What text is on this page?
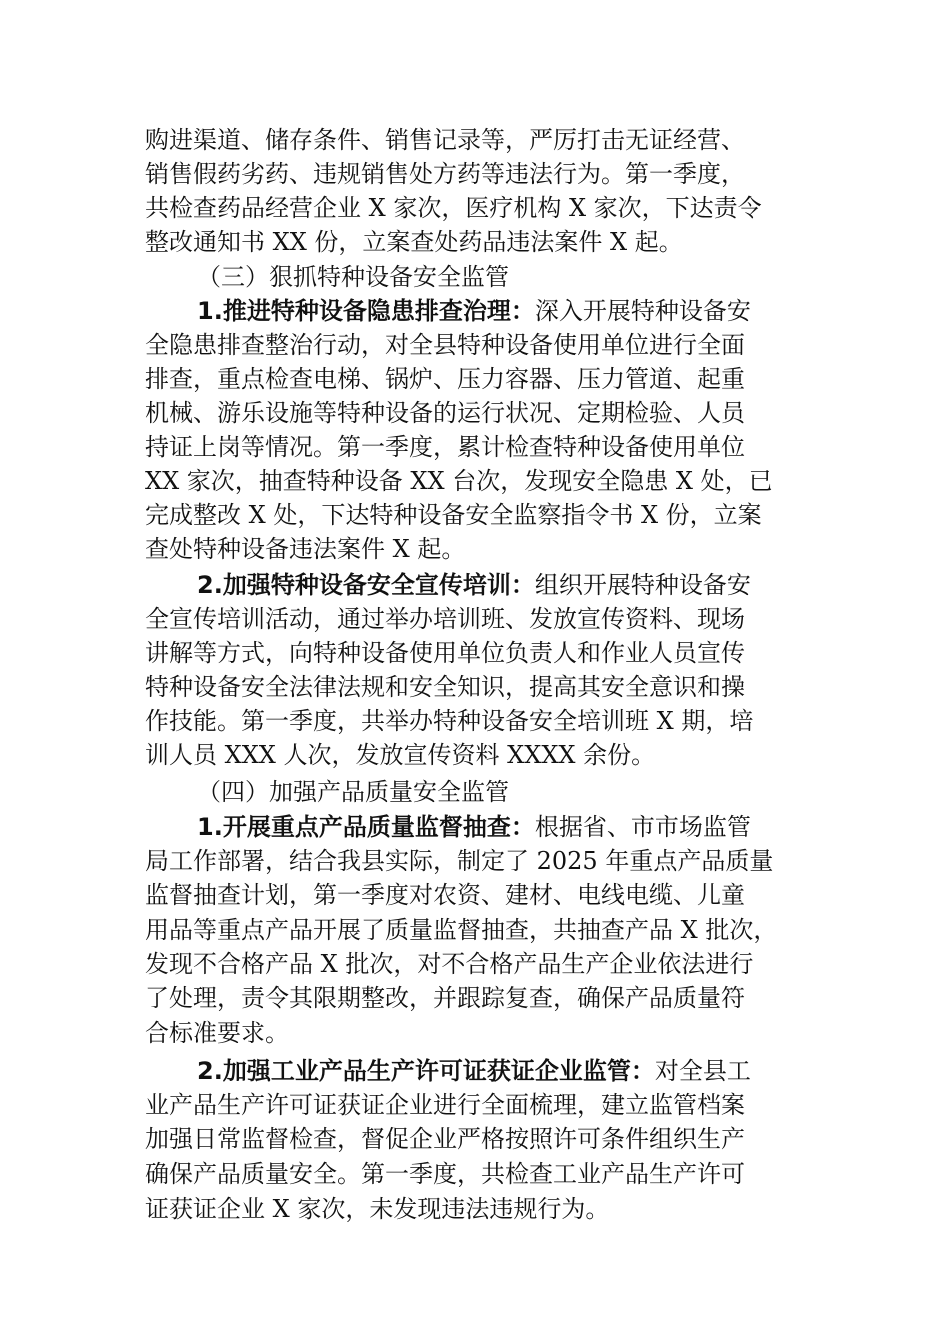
购进渠道、储存条件、销售记录等，严厉打击无证经营、
销售假药劣药、违规销售处方药等违法行为。第一季度，
共检查药品经营企业 X 家次，医疗机构 X 家次，下达责令
整改通知书 XX 份，立案查处药品违法案件 X 起。
（三）狠抓特种设备安全监管
1.推进特种设备隐患排查治理：深入开展特种设备安
全隐患排查整治行动，对全县特种设备使用单位进行全面
排查，重点检查电梯、锅炉、压力容器、压力管道、起重
机械、游乐设施等特种设备的运行状况、定期检验、人员
持证上岗等情况。第一季度，累计检查特种设备使用单位
XX 家次，抽查特种设备 XX 台次，发现安全隐患 X 处，已
完成整改 X 处，下达特种设备安全监察指令书 X 份，立案
查处特种设备违法案件 X 起。
2.加强特种设备安全宣传培训：组织开展特种设备安
全宣传培训活动，通过举办培训班、发放宣传资料、现场
讲解等方式，向特种设备使用单位负责人和作业人员宣传
特种设备安全法律法规和安全知识，提高其安全意识和操
作技能。第一季度，共举办特种设备安全培训班 X 期，培
训人员 XXX 人次，发放宣传资料 XXXX 余份。
（四）加强产品质量安全监管
1.开展重点产品质量监督抽查：根据省、市市场监管
局工作部署，结合我县实际，制定了 2025 年重点产品质量
监督抽查计划，第一季度对农资、建材、电线电缆、儿童
用品等重点产品开展了质量监督抽查，共抽查产品 X 批次，
发现不合格产品 X 批次，对不合格产品生产企业依法进行
了处理，责令其限期整改，并跟踪复查，确保产品质量符
合标准要求。
2.加强工业产品生产许可证获证企业监管：对全县工
业产品生产许可证获证企业进行全面梳理，建立监管档案
加强日常监督检查，督促企业严格按照许可条件组织生产
确保产品质量安全。第一季度，共检查工业产品生产许可
证获证企业 X 家次，未发现违法违规行为。
